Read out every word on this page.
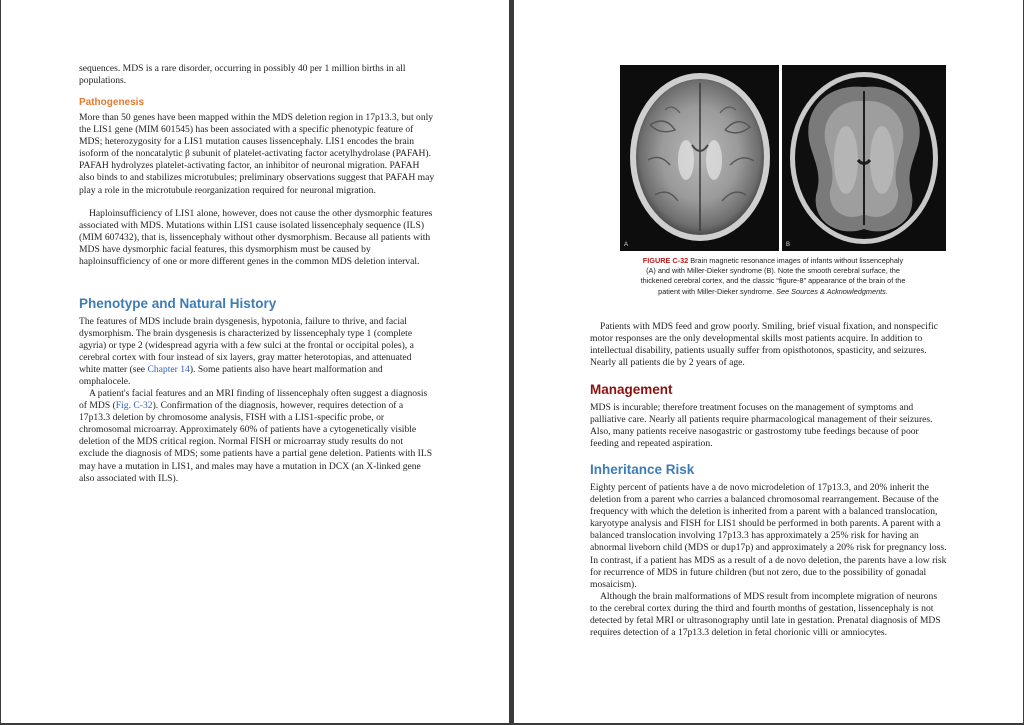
sequences. MDS is a rare disorder, occurring in possibly 40 per 1 million births in all populations.

Pathogenesis

More than 50 genes have been mapped within the MDS deletion region in 17p13.3, but only the LIS1 gene (MIM 601545) has been associated with a specific phenotypic feature of MDS; heterozygosity for a LIS1 mutation causes lissencephaly. LIS1 encodes the brain isoform of the noncatalytic β subunit of platelet-activating factor acetylhydrolase (PAFAH). PAFAH hydrolyzes platelet-activating factor, an inhibitor of neuronal migration. PAFAH also binds to and stabilizes microtubules; preliminary observations suggest that PAFAH may play a role in the microtubule reorganization required for neuronal migration.

Haploinsufficiency of LIS1 alone, however, does not cause the other dysmorphic features associated with MDS. Mutations within LIS1 cause isolated lissencephaly sequence (ILS) (MIM 607432), that is, lissencephaly without other dysmorphism. Because all patients with MDS have dysmorphic facial features, this dysmorphism must be caused by haploinsufficiency of one or more different genes in the common MDS deletion interval.

Phenotype and Natural History

The features of MDS include brain dysgenesis, hypotonia, failure to thrive, and facial dysmorphism. The brain dysgenesis is characterized by lissencephaly type 1 (complete agyria) or type 2 (widespread agyria with a few sulci at the frontal or occipital poles), a cerebral cortex with four instead of six layers, gray matter heterotopias, and attenuated white matter (see Chapter 14). Some patients also have heart malformation and omphalocele.

A patient's facial features and an MRI finding of lissencephaly often suggest a diagnosis of MDS (Fig. C-32). Confirmation of the diagnosis, however, requires detection of a 17p13.3 deletion by chromosome analysis, FISH with a LIS1-specific probe, or chromosomal microarray. Approximately 60% of patients have a cytogenetically visible deletion of the MDS critical region. Normal FISH or microarray study results do not exclude the diagnosis of MDS; some patients have a partial gene deletion. Patients with ILS may have a mutation in LIS1, and males may have a mutation in DCX (an X-linked gene also associated with ILS).

A	B
FIGURE C-32 Brain magnetic resonance images of infants without lissencephaly (A) and with Miller-Dieker syndrome (B). Note the smooth cerebral surface, the thickened cerebral cortex, and the classic “figure-8” appearance of the brain of the patient with Miller-Dieker syndrome. See Sources & Acknowledgments.

Patients with MDS feed and grow poorly. Smiling, brief visual fixation, and nonspecific motor responses are the only developmental skills most patients acquire. In addition to intellectual disability, patients usually suffer from opisthotonos, spasticity, and seizures. Nearly all patients die by 2 years of age.

Management

MDS is incurable; therefore treatment focuses on the management of symptoms and palliative care. Nearly all patients require pharmacological management of their seizures. Also, many patients receive nasogastric or gastrostomy tube feedings because of poor feeding and repeated aspiration.

Inheritance Risk

Eighty percent of patients have a de novo microdeletion of 17p13.3, and 20% inherit the deletion from a parent who carries a balanced chromosomal rearrangement. Because of the frequency with which the deletion is inherited from a parent with a balanced translocation, karyotype analysis and FISH for LIS1 should be performed in both parents. A parent with a balanced translocation involving 17p13.3 has approximately a 25% risk for having an abnormal liveborn child (MDS or dup17p) and approximately a 20% risk for pregnancy loss. In contrast, if a patient has MDS as a result of a de novo deletion, the parents have a low risk for recurrence of MDS in future children (but not zero, due to the possibility of gonadal mosaicism).

Although the brain malformations of MDS result from incomplete migration of neurons to the cerebral cortex during the third and fourth months of gestation, lissencephaly is not detected by fetal MRI or ultrasonography until late in gestation. Prenatal diagnosis of MDS requires detection of a 17p13.3 deletion in fetal chorionic villi or amniocytes.
